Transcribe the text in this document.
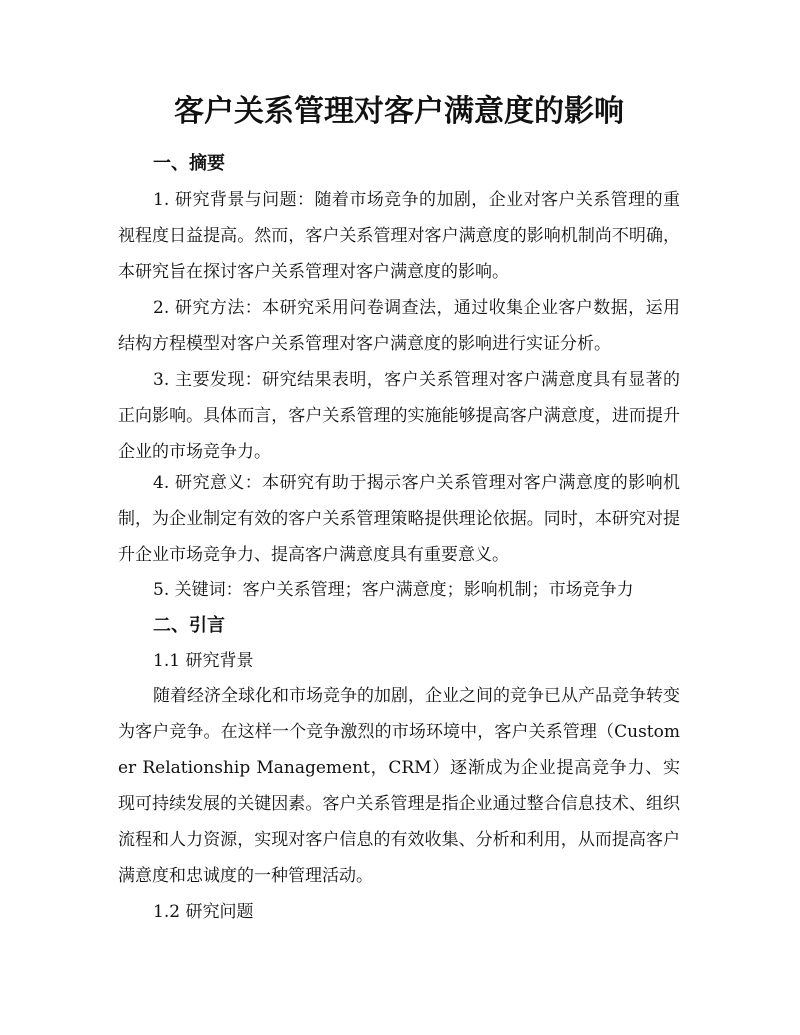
客户关系管理对客户满意度的影响
一、摘要

1. 研究背景与问题：随着市场竞争的加剧，企业对客户关系管理的重视程度日益提高。然而，客户关系管理对客户满意度的影响机制尚不明确，本研究旨在探讨客户关系管理对客户满意度的影响。

2. 研究方法：本研究采用问卷调查法，通过收集企业客户数据，运用结构方程模型对客户关系管理对客户满意度的影响进行实证分析。

3. 主要发现：研究结果表明，客户关系管理对客户满意度具有显著的正向影响。具体而言，客户关系管理的实施能够提高客户满意度，进而提升企业的市场竞争力。

4. 研究意义：本研究有助于揭示客户关系管理对客户满意度的影响机制，为企业制定有效的客户关系管理策略提供理论依据。同时，本研究对提升企业市场竞争力、提高客户满意度具有重要意义。

5. 关键词：客户关系管理；客户满意度；影响机制；市场竞争力

二、引言

1.1 研究背景

随着经济全球化和市场竞争的加剧，企业之间的竞争已从产品竞争转变为客户竞争。在这样一个竞争激烈的市场环境中，客户关系管理（Customer Relationship Management，CRM）逐渐成为企业提高竞争力、实现可持续发展的关键因素。客户关系管理是指企业通过整合信息技术、组织流程和人力资源，实现对客户信息的有效收集、分析和利用，从而提高客户满意度和忠诚度的一种管理活动。

1.2 研究问题
